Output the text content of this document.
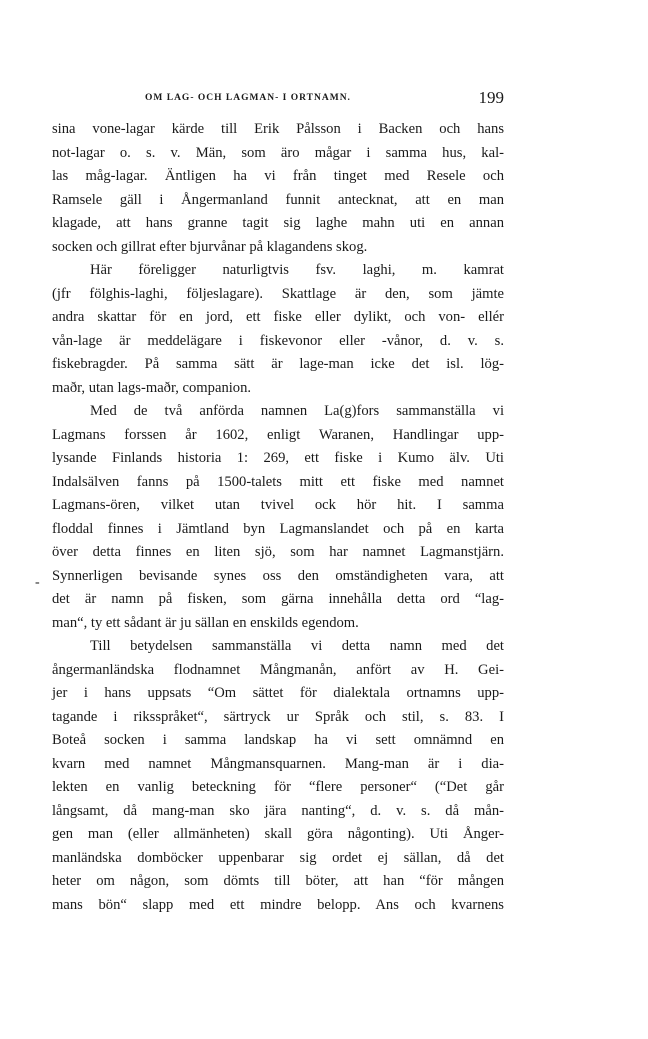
OM LAG- OCH LAGMAN- I ORTNAMN.	199
-
sina vone-lagar kärde till Erik Pålsson i Backen och hans
not-lagar o. s. v. Män, som äro mågar i samma hus, kal-
las måg-lagar. Äntligen ha vi från tinget med Resele och
Ramsele gäll i Ångermanland funnit antecknat, att en man
klagade, att hans granne tagit sig laghe mahn uti en annan
socken och gillrat efter bjurvånar på klagandens skog.
Här föreligger naturligtvis fsv. laghi, m. kamrat
(jfr fölghis-laghi, följeslagare). Skattlage är den, som jämte
andra skattar för en jord, ett fiske eller dylikt, och von- ellér
vån-lage är meddelägare i fiskevonor eller -vånor, d. v. s.
fiskebragder. På samma sätt är lage-man icke det isl. lög-
maðr, utan lags-maðr, companion.
Med de två anförda namnen La(g)fors sammanställa vi
Lagmans forssen år 1602, enligt Waranen, Handlingar upp-
lysande Finlands historia 1: 269, ett fiske i Kumo älv. Uti
Indalsälven fanns på 1500-talets mitt ett fiske med namnet
Lagmans-ören, vilket utan tvivel ock hör hit. I samma
floddal finnes i Jämtland byn Lagmanslandet och på en karta
över detta finnes en liten sjö, som har namnet Lagmanstjärn.
Synnerligen bevisande synes oss den omständigheten vara, att
det är namn på fisken, som gärna innehålla detta ord “lag-
man“, ty ett sådant är ju sällan en enskilds egendom.
Till betydelsen sammanställa vi detta namn med det
ångermanländska flodnamnet Mångmanån, anfört av H. Gei-
jer i hans uppsats “Om sättet för dialektala ortnamns upp-
tagande i riksspråket“, särtryck ur Språk och stil, s. 83. I
Boteå socken i samma landskap ha vi sett omnämnd en
kvarn med namnet Mångmansquarnen. Mang-man är i dia-
lekten en vanlig beteckning för “flere personer“ (“Det går
långsamt, då mang-man sko jära nanting“, d. v. s. då mån-
gen man (eller allmänheten) skall göra någonting). Uti Ånger-
manländska domböcker uppenbarar sig ordet ej sällan, då det
heter om någon, som dömts till böter, att han “för mången
mans bön“ slapp med ett mindre belopp. Ans och kvarnens
